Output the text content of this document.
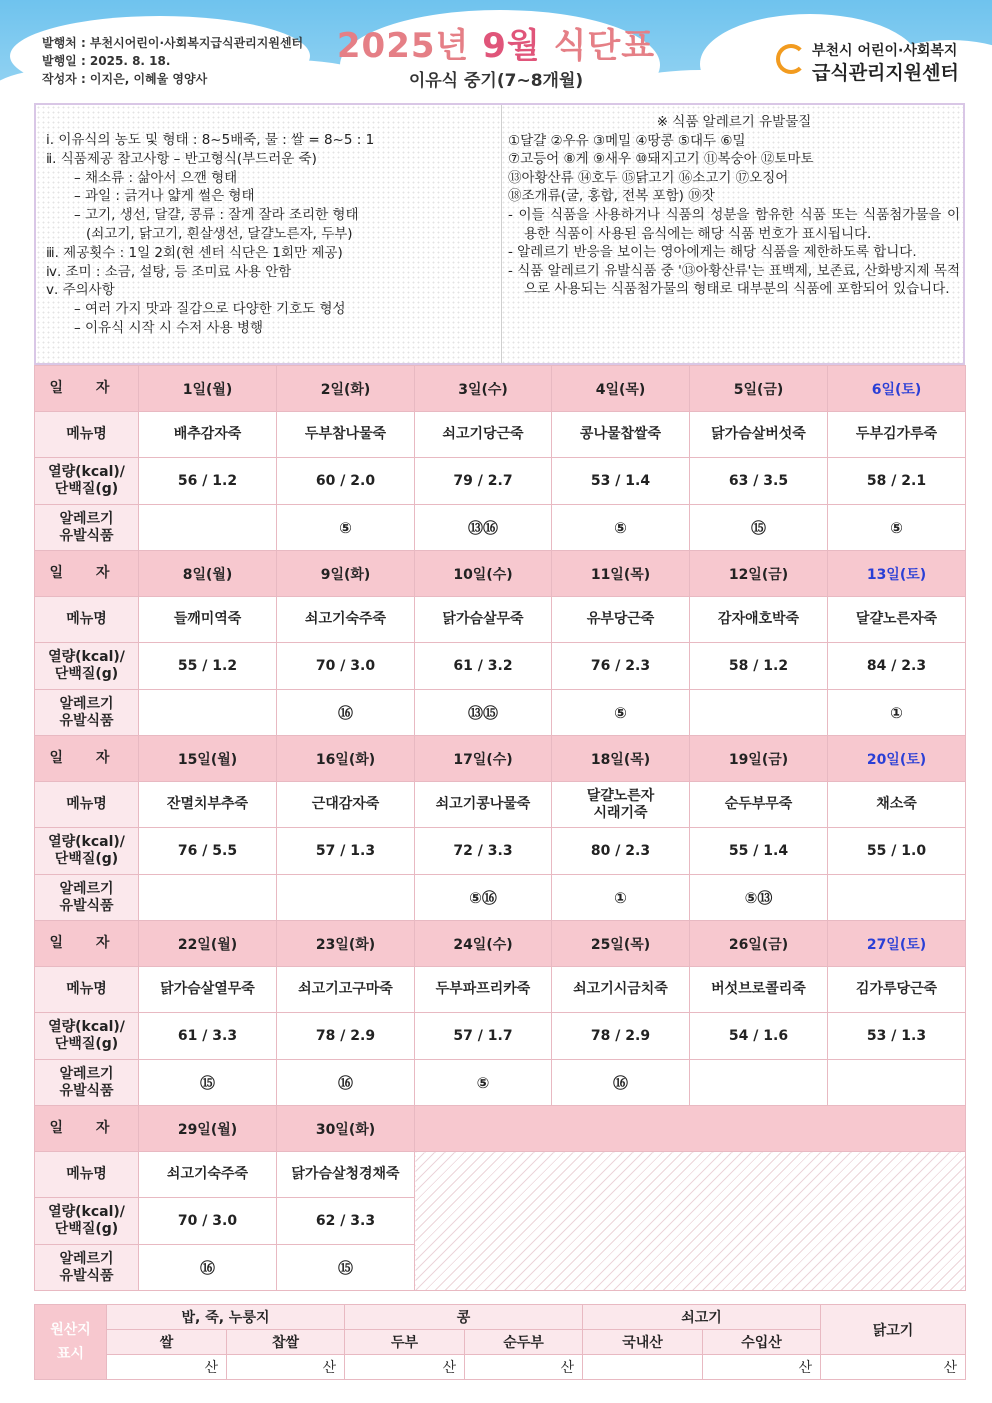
발행처 : 부천시어린이·사회복지급식관리지원센터
발행일 : 2025. 8. 18.
작성자 : 이지은, 이혜울 영양사
2025년 9월 식단표
이유식 중기(7~8개월)
부천시 어린이·사회복지
급식관리지원센터
ⅰ. 이유식의 농도 및 형태 : 8~5배죽, 물 : 쌀 = 8~5 : 1
ⅱ. 식품제공 참고사항 – 반고형식(부드러운 죽)
– 채소류 : 삶아서 으깬 형태
– 과일 : 긁거나 얇게 썰은 형태
– 고기, 생선, 달걀, 콩류 : 잘게 잘라 조리한 형태
(쇠고기, 닭고기, 흰살생선, 달걀노른자, 두부)
ⅲ. 제공횟수 : 1일 2회(현 센터 식단은 1회만 제공)
ⅳ. 조미 : 소금, 설탕, 등 조미료 사용 안함
ⅴ. 주의사항
– 여러 가지 맛과 질감으로 다양한 기호도 형성
– 이유식 시작 시 수저 사용 병행
※ 식품 알레르기 유발물질
①달걀 ②우유 ③메밀 ④땅콩 ⑤대두 ⑥밀
⑦고등어 ⑧게 ⑨새우 ⑩돼지고기 ⑪복숭아 ⑫토마토
⑬아황산류 ⑭호두 ⑮닭고기 ⑯소고기 ⑰오징어
⑱조개류(굴, 홍합, 전복 포함) ⑲잣
- 이들 식품을 사용하거나 식품의 성분을 함유한 식품 또는 식품첨가물을 이용한 식품이 사용된 음식에는 해당 식품 번호가 표시됩니다.
- 알레르기 반응을 보이는 영아에게는 해당 식품을 제한하도록 합니다.
- 식품 알레르기 유발식품 중 '⑬아황산류'는 표백제, 보존료, 산화방지제 목적으로 사용되는 식품첨가물의 형태로 대부분의 식품에 포함되어 있습니다.
일 자	1일(월)	2일(화)	3일(수)	4일(목)	5일(금)	6일(토)
메뉴명	배추감자죽	두부참나물죽	쇠고기당근죽	콩나물찹쌀죽	닭가슴살버섯죽	두부김가루죽

열량(kcal)/
단백질(g)	56 / 1.2	60 / 2.0	79 / 2.7	53 / 1.4	63 / 3.5	58 / 2.1

알레르기
유발식품		⑤	⑬⑯	⑤	⑮	⑤
일 자	8일(월)	9일(화)	10일(수)	11일(목)	12일(금)	13일(토)
메뉴명	들깨미역죽	쇠고기숙주죽	닭가슴살무죽	유부당근죽	감자애호박죽	달걀노른자죽

열량(kcal)/
단백질(g)	55 / 1.2	70 / 3.0	61 / 3.2	76 / 2.3	58 / 1.2	84 / 2.3

알레르기
유발식품		⑯	⑬⑮	⑤		①
일 자	15일(월)	16일(화)	17일(수)	18일(목)	19일(금)	20일(토)
메뉴명	잔멸치부추죽	근대감자죽	쇠고기콩나물죽	달걀노른자
시래기죽	순두부무죽	채소죽

열량(kcal)/
단백질(g)	76 / 5.5	57 / 1.3	72 / 3.3	80 / 2.3	55 / 1.4	55 / 1.0

알레르기
유발식품			⑤⑯	①	⑤⑬	
일 자	22일(월)	23일(화)	24일(수)	25일(목)	26일(금)	27일(토)
메뉴명	닭가슴살열무죽	쇠고기고구마죽	두부파프리카죽	쇠고기시금치죽	버섯브로콜리죽	김가루당근죽

열량(kcal)/
단백질(g)	61 / 3.3	78 / 2.9	57 / 1.7	78 / 2.9	54 / 1.6	53 / 1.3

알레르기
유발식품	⑮	⑯	⑤	⑯		
일 자	29일(월)	30일(화)				
메뉴명	쇠고기숙주죽	닭가슴살청경채죽				

열량(kcal)/
단백질(g)	70 / 3.0	62 / 3.3				

알레르기
유발식품	⑯	⑮				
원산지
표시	밥, 죽, 누룽지		콩		쇠고기		닭고기
	쌀	찹쌀	두부	순두부	국내산	수입산	
	산	산	산	산		산	산
